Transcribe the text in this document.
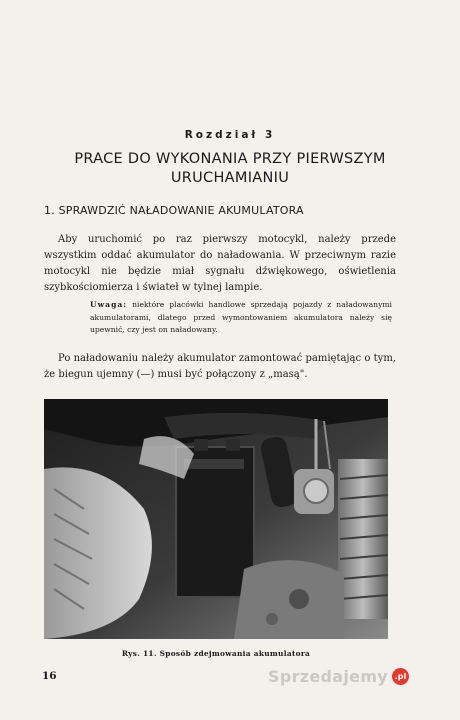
Rozdział 3
PRACE DO WYKONANIA PRZY PIERWSZYM URUCHAMIANIU
1. SPRAWDZIĆ NAŁADOWANIE AKUMULATORA

Aby uruchomić po raz pierwszy motocykl, należy przede wszystkim oddać akumulator do naładowania. W przeciwnym razie motocykl nie będzie miał sygnału dźwiękowego, oświetlenia szybkościomierza i świateł w tylnej lampie.

Uwaga: niektóre placówki handlowe sprzedają pojazdy z naładowanymi akumulatorami, dlatego przed wymontowaniem akumulatora należy się upewnić, czy jest on naładowany.

Po naładowaniu należy akumulator zamontować pamiętając o tym, że biegun ujemny (—) musi być połączony z „masą".

Rys. 11. Sposób zdejmowania akumulatora
16	Sprzedajemy .pl
